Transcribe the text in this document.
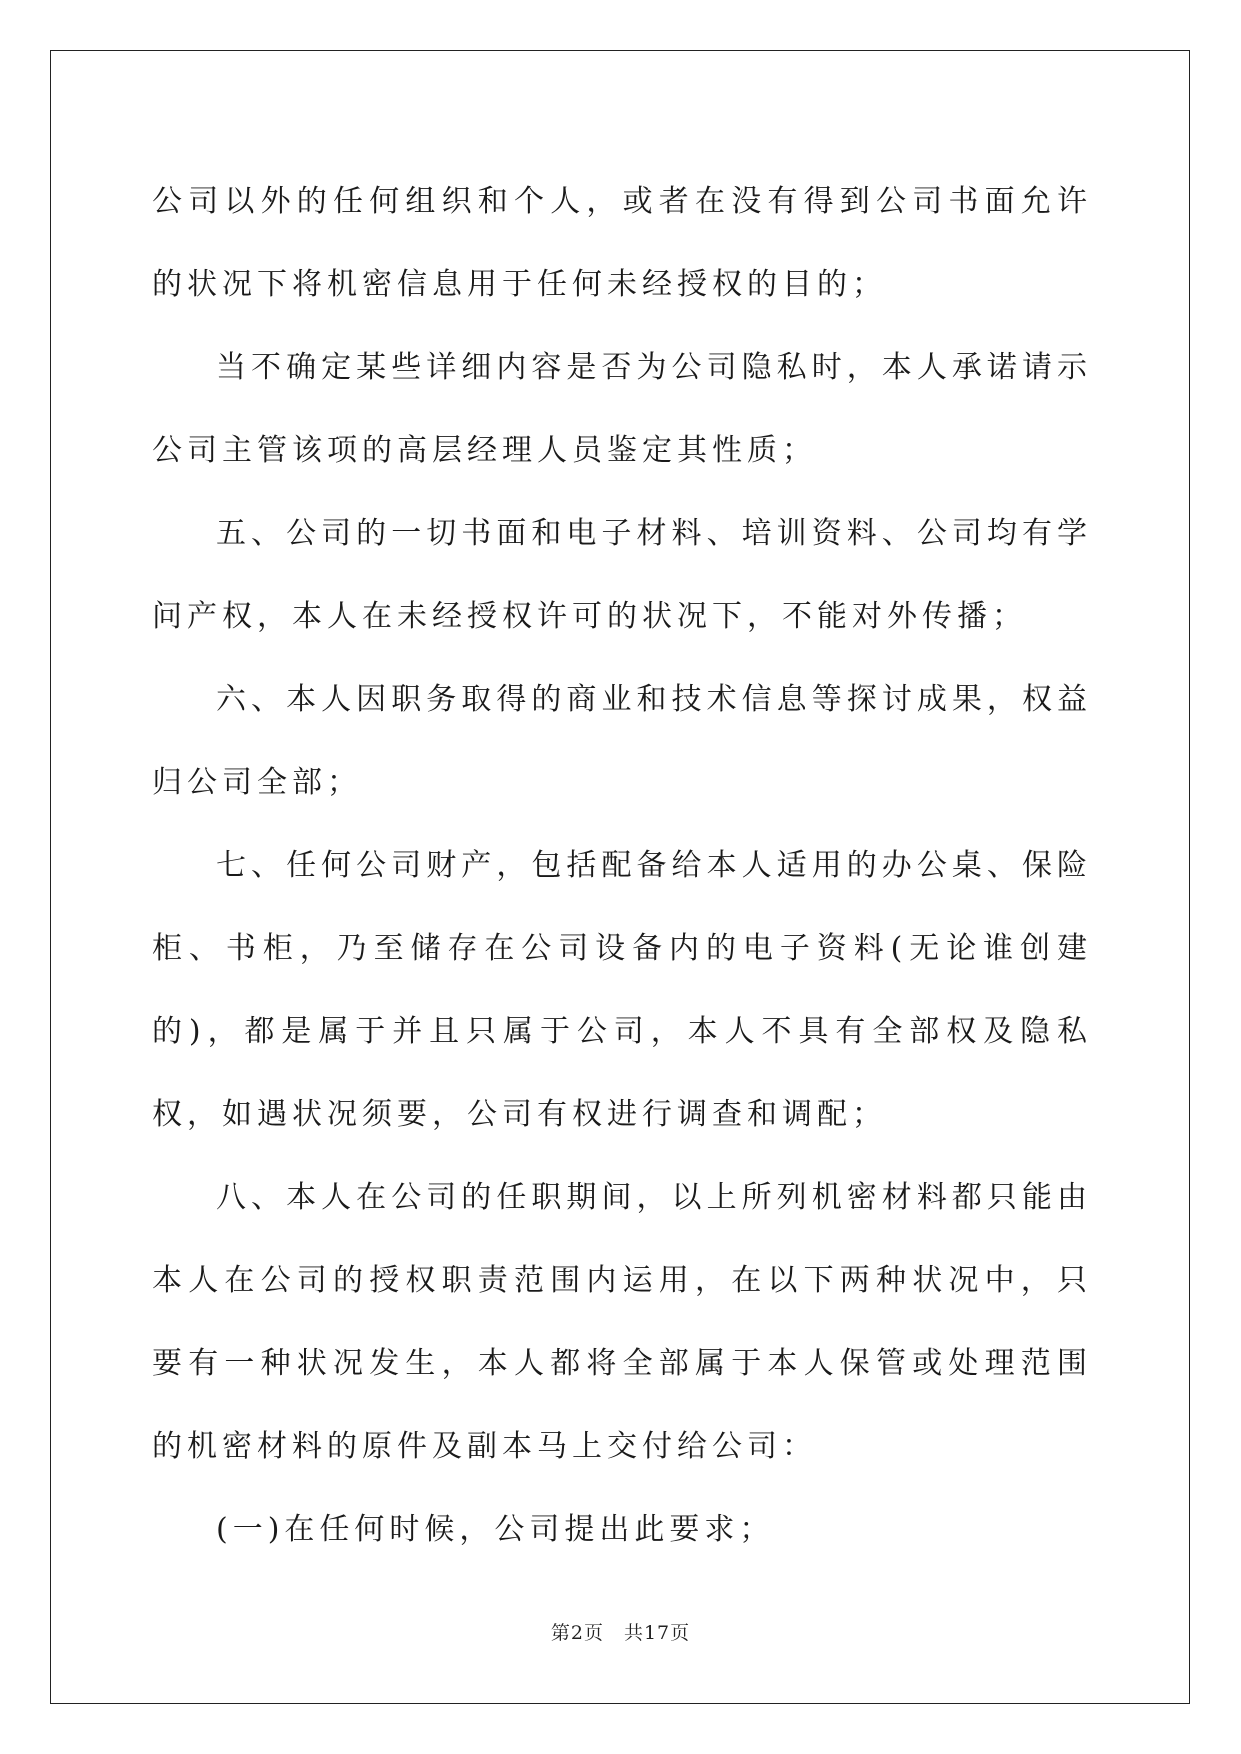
公司以外的任何组织和个人，或者在没有得到公司书面允许的状况下将机密信息用于任何未经授权的目的；

当不确定某些详细内容是否为公司隐私时，本人承诺请示公司主管该项的高层经理人员鉴定其性质；

五、公司的一切书面和电子材料、培训资料、公司均有学问产权，本人在未经授权许可的状况下，不能对外传播；

六、本人因职务取得的商业和技术信息等探讨成果，权益归公司全部；

七、任何公司财产，包括配备给本人适用的办公桌、保险柜、书柜，乃至储存在公司设备内的电子资料(无论谁创建的)，都是属于并且只属于公司，本人不具有全部权及隐私权，如遇状况须要，公司有权进行调查和调配；

八、本人在公司的任职期间，以上所列机密材料都只能由本人在公司的授权职责范围内运用，在以下两种状况中，只要有一种状况发生，本人都将全部属于本人保管或处理范围的机密材料的原件及副本马上交付给公司：

(一)在任何时候，公司提出此要求；

第2页　共17页
